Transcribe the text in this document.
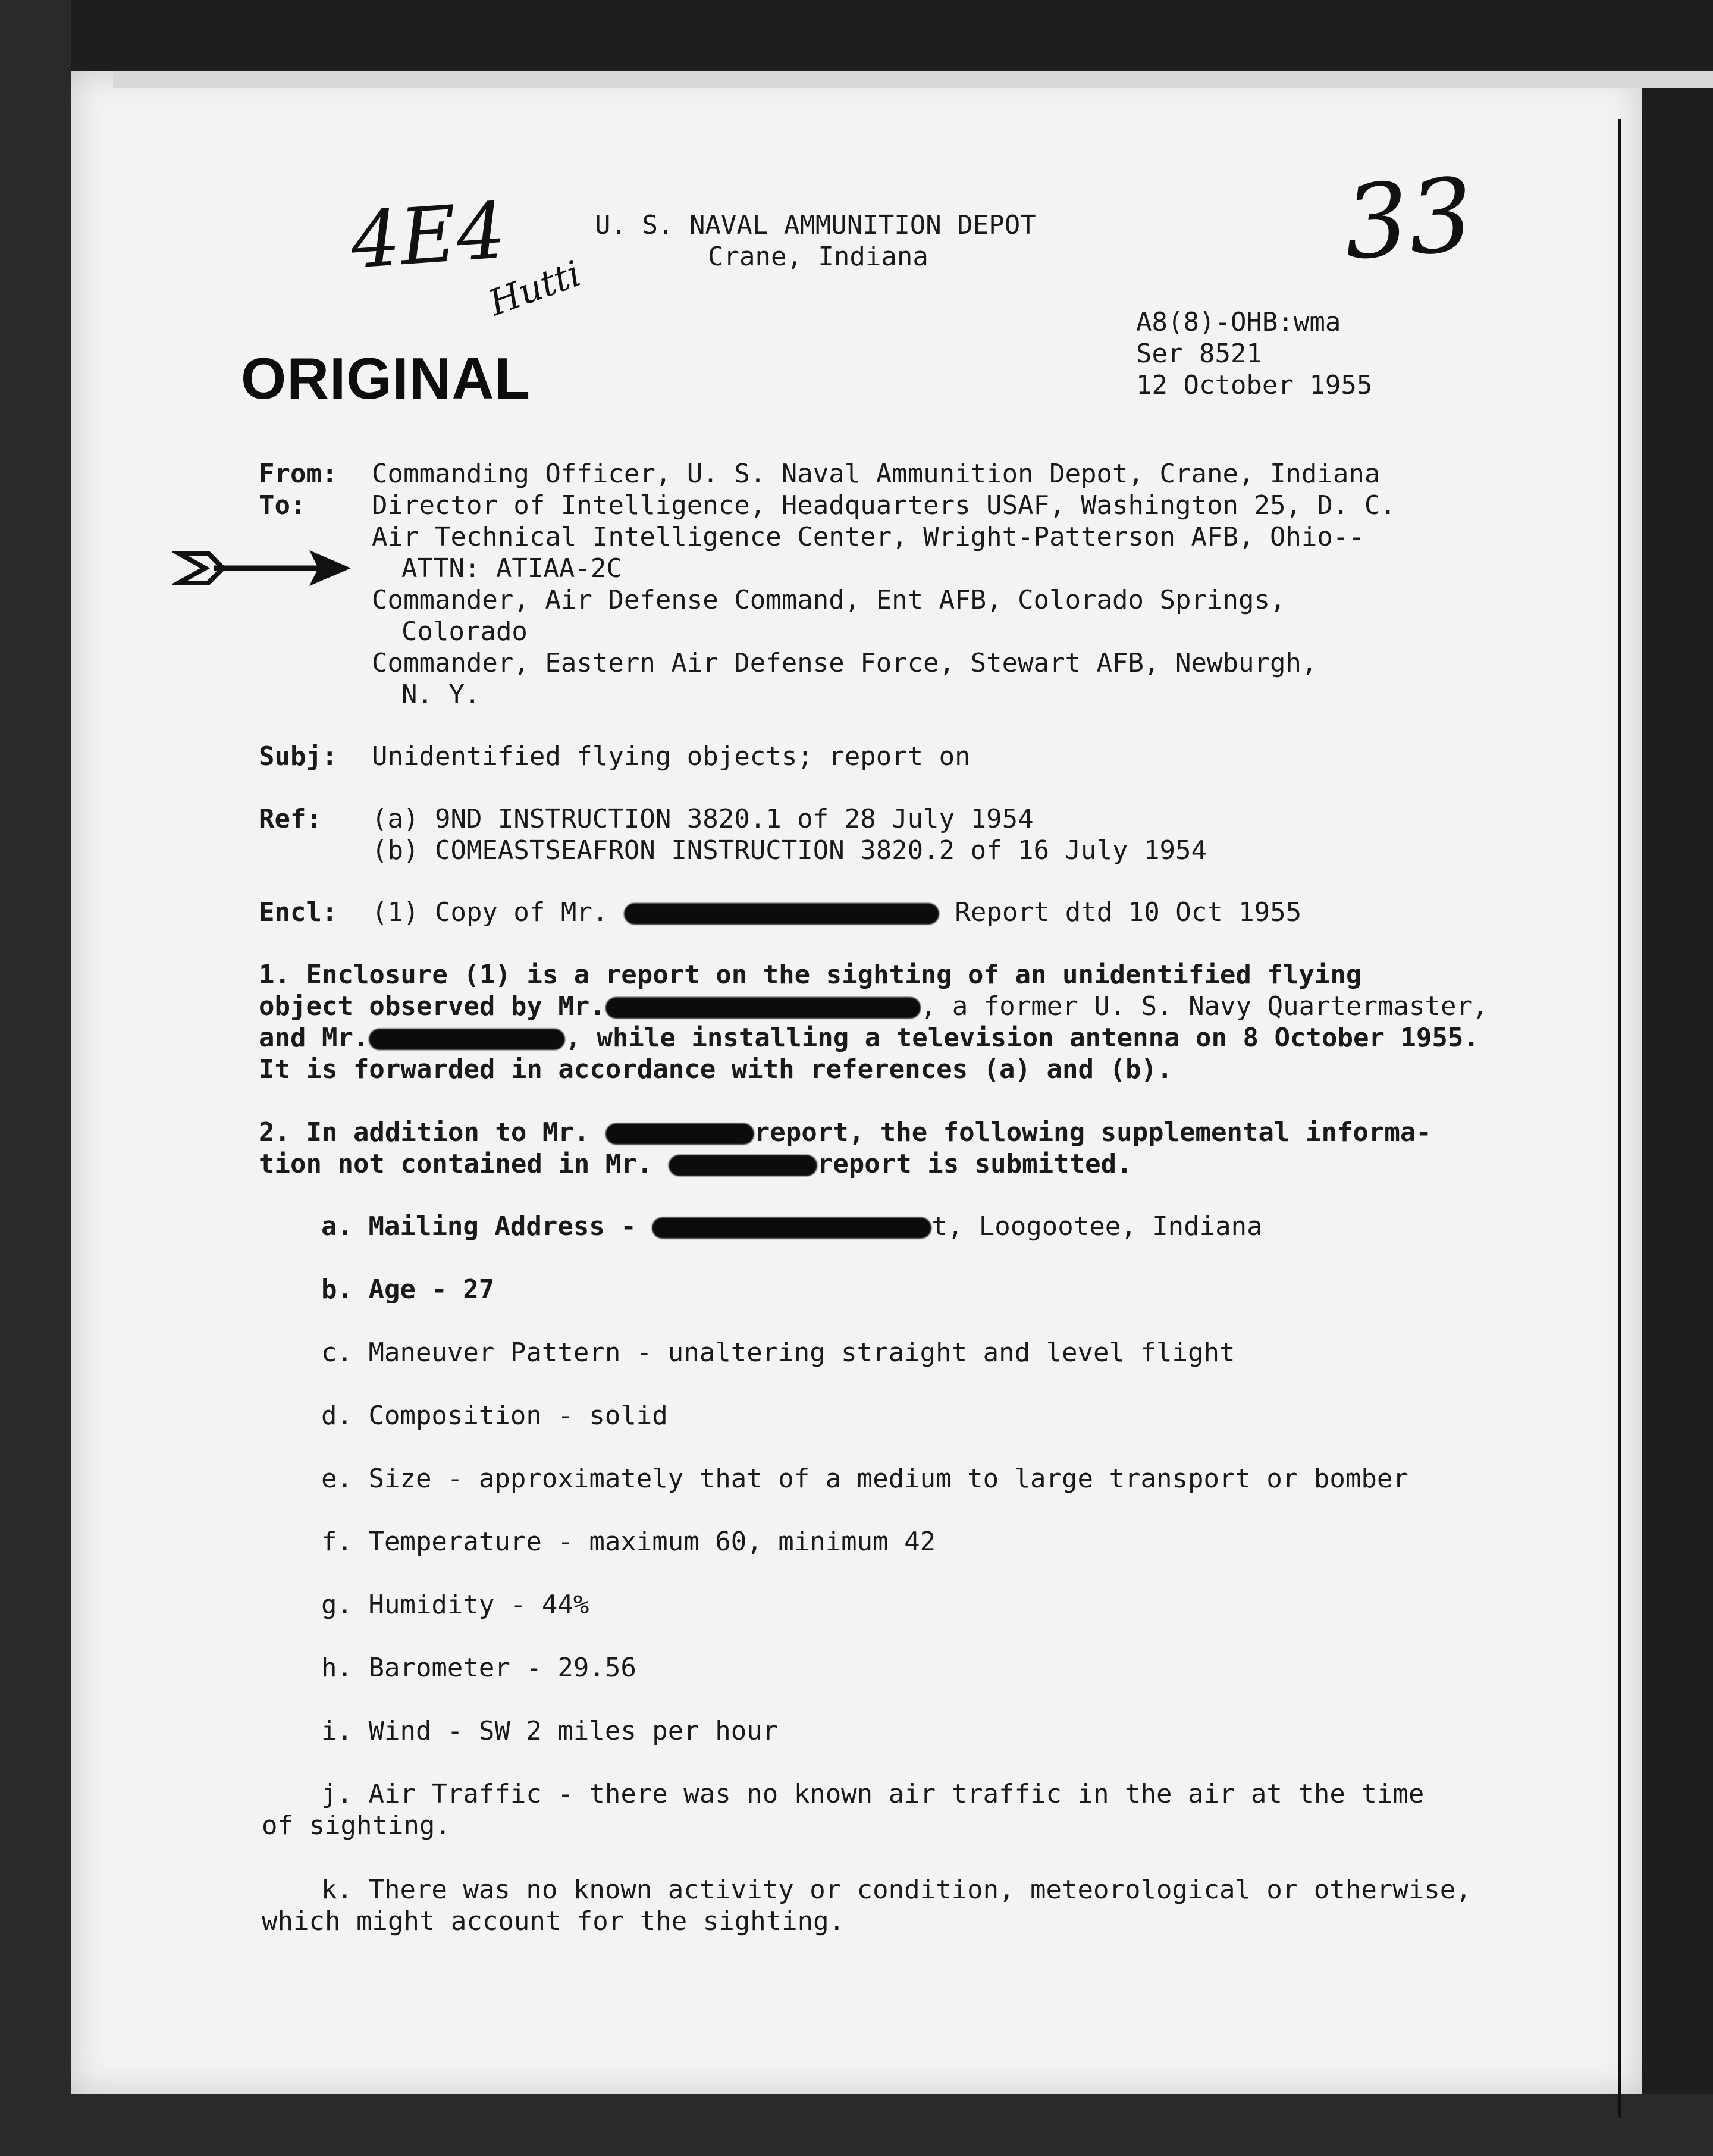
4E4
Hutti
33
U. S. NAVAL AMMUNITION DEPOT
Crane, Indiana
ORIGINAL
A8(8)-OHB:wma
Ser 8521
12 October 1955
From: Commanding Officer, U. S. Naval Ammunition Depot, Crane, Indiana
To:	Director of Intelligence, Headquarters USAF, Washington 25, D. C.
Air Technical Intelligence Center, Wright-Patterson AFB, Ohio--
ATTN: ATIAA-2C
Commander, Air Defense Command, Ent AFB, Colorado Springs,
Colorado
Commander, Eastern Air Defense Force, Stewart AFB, Newburgh,
N. Y.
Subj: Unidentified flying objects; report on
Ref: (a) 9ND INSTRUCTION 3820.1 of 28 July 1954
(b) COMEASTSEAFRON INSTRUCTION 3820.2 of 16 July 1954
Encl: (1) Copy of Mr.	Report dtd 10 Oct 1955
1. Enclosure (1) is a report on the sighting of an unidentified flying
object observed by Mr.	, a former U. S. Navy Quartermaster,
and Mr.	, while installing a television antenna on 8 October 1955.
It is forwarded in accordance with references (a) and (b).
2. In addition to Mr.	report, the following supplemental informa-
tion not contained in Mr.	report is submitted.
a. Mailing Address -	t, Loogootee, Indiana
b. Age - 27
c. Maneuver Pattern - unaltering straight and level flight
d. Composition - solid
e. Size - approximately that of a medium to large transport or bomber
f. Temperature - maximum 60, minimum 42
g. Humidity - 44%
h. Barometer - 29.56
i. Wind - SW 2 miles per hour
j. Air Traffic - there was no known air traffic in the air at the time
of sighting.
k. There was no known activity or condition, meteorological or otherwise,
which might account for the sighting.
